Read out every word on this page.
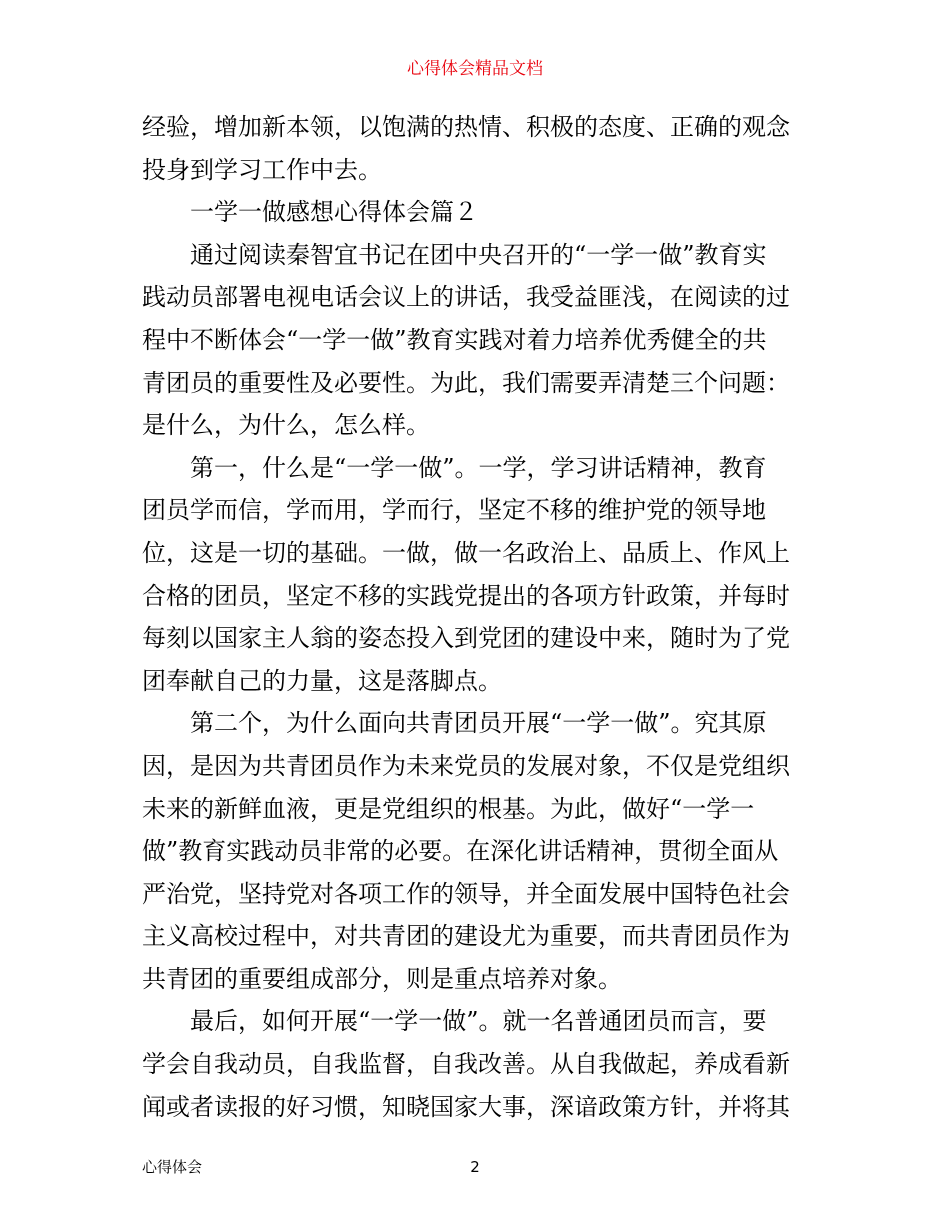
心得体会精品文档
经验，增加新本领，以饱满的热情、积极的态度、正确的观念
投身到学习工作中去。
一学一做感想心得体会篇２
通过阅读秦智宜书记在团中央召开的“一学一做”教育实
践动员部署电视电话会议上的讲话，我受益匪浅，在阅读的过
程中不断体会“一学一做”教育实践对着力培养优秀健全的共
青团员的重要性及必要性。为此，我们需要弄清楚三个问题：
是什么，为什么，怎么样。
第一，什么是“一学一做”。一学，学习讲话精神，教育
团员学而信，学而用，学而行，坚定不移的维护党的领导地
位，这是一切的基础。一做，做一名政治上、品质上、作风上
合格的团员，坚定不移的实践党提出的各项方针政策，并每时
每刻以国家主人翁的姿态投入到党团的建设中来，随时为了党
团奉献自己的力量，这是落脚点。
第二个，为什么面向共青团员开展“一学一做”。究其原
因，是因为共青团员作为未来党员的发展对象，不仅是党组织
未来的新鲜血液，更是党组织的根基。为此，做好“一学一
做”教育实践动员非常的必要。在深化讲话精神，贯彻全面从
严治党，坚持党对各项工作的领导，并全面发展中国特色社会
主义高校过程中，对共青团的建设尤为重要，而共青团员作为
共青团的重要组成部分，则是重点培养对象。
最后，如何开展“一学一做”。就一名普通团员而言，要
学会自我动员，自我监督，自我改善。从自我做起，养成看新
闻或者读报的好习惯，知晓国家大事，深谙政策方针，并将其
心得体会	2
